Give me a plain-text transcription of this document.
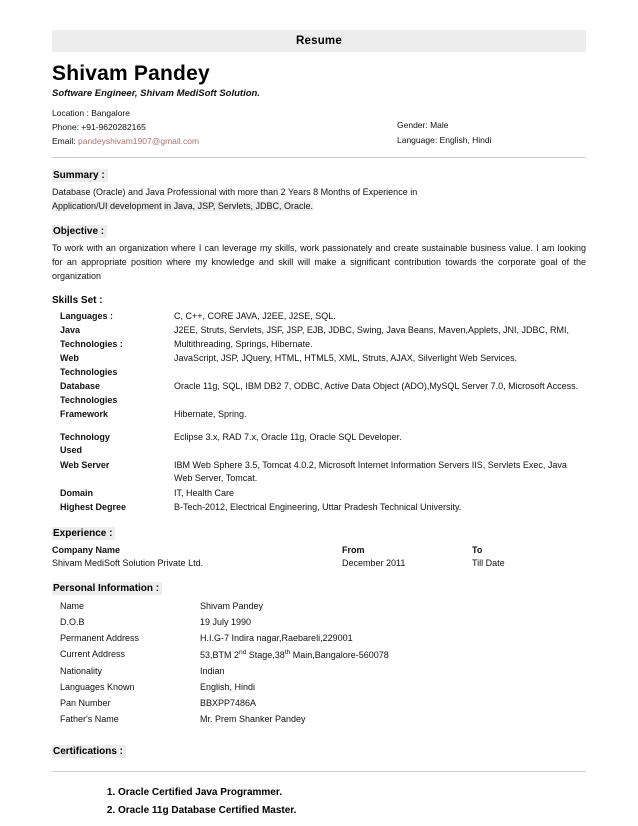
Resume
Shivam Pandey
Software Engineer, Shivam MediSoft Solution.
Location : Bangalore
Phone: +91-9620282165
Email: pandeyshivam1907@gmail.com
Gender: Male
Language: English, Hindi
Summary :
Database (Oracle) and Java Professional with more than 2 Years 8 Months of Experience in
Application/UI development in Java, JSP, Servlets, JDBC, Oracle.
Objective :
To work with an organization where I can leverage my skills, work passionately and create sustainable business value. I am looking for an appropriate position where my knowledge and skill will make a significant contribution towards the corporate goal of the organization
Skills Set :
Languages :	C, C++, CORE JAVA, J2EE, J2SE, SQL.
Java
Technologies :	J2EE, Struts, Servlets, JSF, JSP, EJB, JDBC, Swing, Java Beans, Maven,Applets, JNI, JDBC, RMI, Multithreading, Springs, Hibernate.
Web
Technologies	JavaScript, JSP, JQuery, HTML, HTML5, XML, Struts, AJAX, Silverlight Web Services.
Database
Technologies	Oracle 11g, SQL, IBM DB2 7, ODBC, Active Data Object (ADO),MySQL Server 7.0, Microsoft Access.
Framework	Hibernate, Spring.

Technology
Used	Eclipse 3.x, RAD 7.x, Oracle 11g, Oracle SQL Developer.
Web Server	IBM Web Sphere 3.5, Tomcat 4.0.2, Microsoft Internet Information Servers IIS, Servlets Exec, Java Web Server, Tomcat.
Domain	IT, Health Care
Highest Degree	B-Tech-2012, Electrical Engineering, Uttar Pradesh Technical University.
Experience :
Company Name	From	To
Shivam MediSoft Solution Private Ltd.	December 2011	Till Date
Personal Information :
Name	Shivam Pandey
D.O.B	19 July 1990
Permanent Address	H.I.G-7 Indira nagar,Raebareli,229001
Current Address	53,BTM 2nd Stage,38th Main,Bangalore-560078
Nationality	Indian
Languages Known	English, Hindi
Pan Number	BBXPP7486A
Father's Name	Mr. Prem Shanker Pandey
Certifications :
1. Oracle Certified Java Programmer.
2. Oracle 11g Database Certified Master.
